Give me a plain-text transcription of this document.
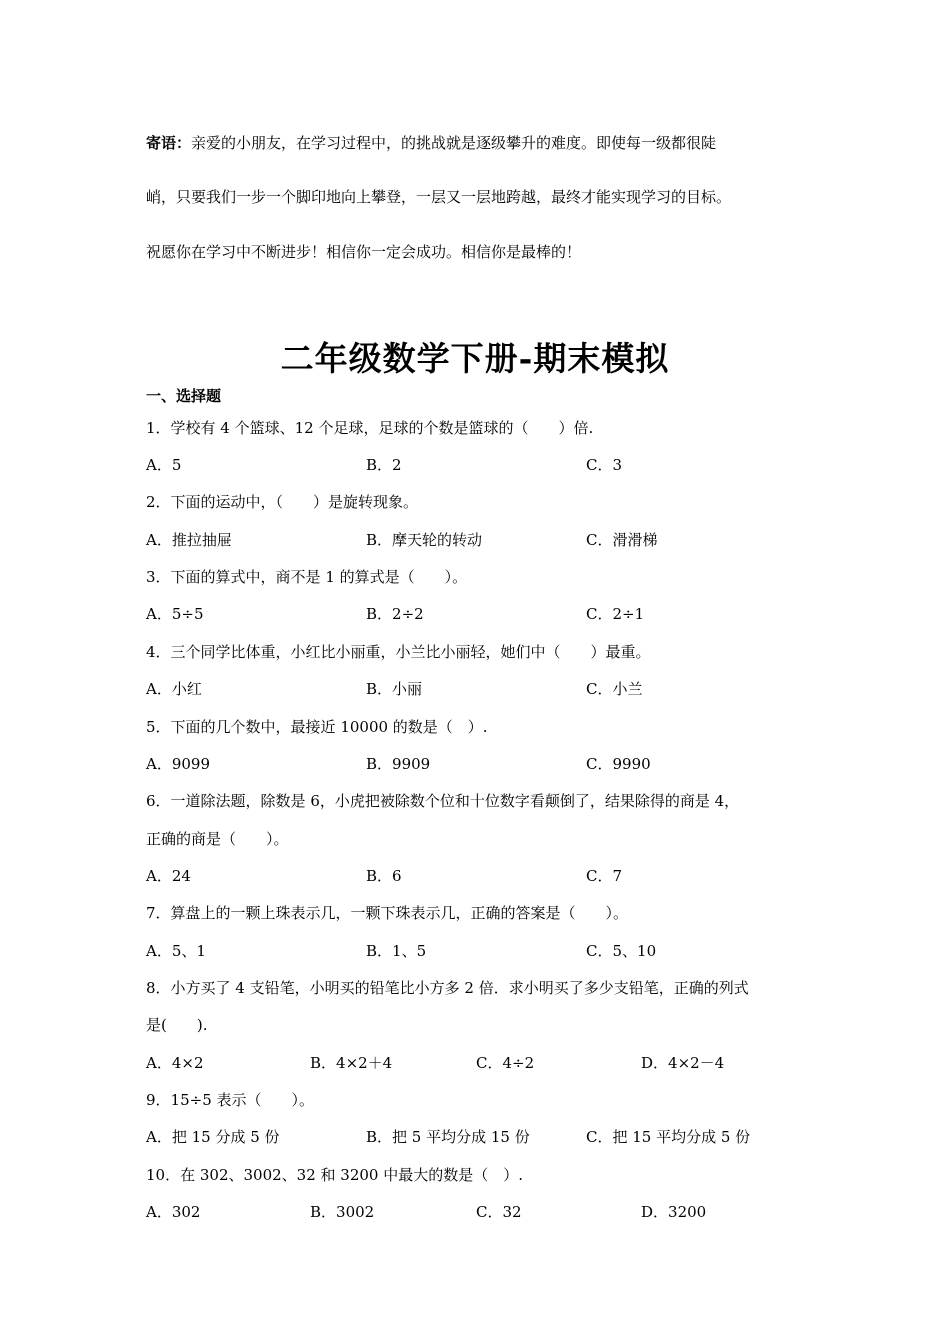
寄语：亲爱的小朋友，在学习过程中，的挑战就是逐级攀升的难度。即使每一级都很陡
峭，只要我们一步一个脚印地向上攀登，一层又一层地跨越，最终才能实现学习的目标。
祝愿你在学习中不断进步！相信你一定会成功。相信你是最棒的！
二年级数学下册-期末模拟
一、选择题
1．学校有 4 个篮球、12 个足球，足球的个数是篮球的（　　）倍.
A．5	B．2	C．3
2．下面的运动中，（　　）是旋转现象。
A．推拉抽屉	B．摩天轮的转动	C．滑滑梯
3．下面的算式中，商不是 1 的算式是（　　）。
A．5÷5	B．2÷2	C．2÷1
4．三个同学比体重，小红比小丽重，小兰比小丽轻，她们中（　　）最重。
A．小红	B．小丽	C．小兰
5．下面的几个数中，最接近 10000 的数是（　）.
A．9099	B．9909	C．9990
6．一道除法题，除数是 6，小虎把被除数个位和十位数字看颠倒了，结果除得的商是 4，
正确的商是（　　）。
A．24	B．6	C．7
7．算盘上的一颗上珠表示几，一颗下珠表示几，正确的答案是（　　）。
A．5、1	B．1、5	C．5、10
8．小方买了 4 支铅笔，小明买的铅笔比小方多 2 倍．求小明买了多少支铅笔，正确的列式
是(　　).
A．4×2	B．4×2＋4	C．4÷2	D．4×2－4
9．15÷5 表示（　　）。
A．把 15 分成 5 份	B．把 5 平均分成 15 份	C．把 15 平均分成 5 份
10．在 302、3002、32 和 3200 中最大的数是（　）.
A．302	B．3002	C．32	D．3200
